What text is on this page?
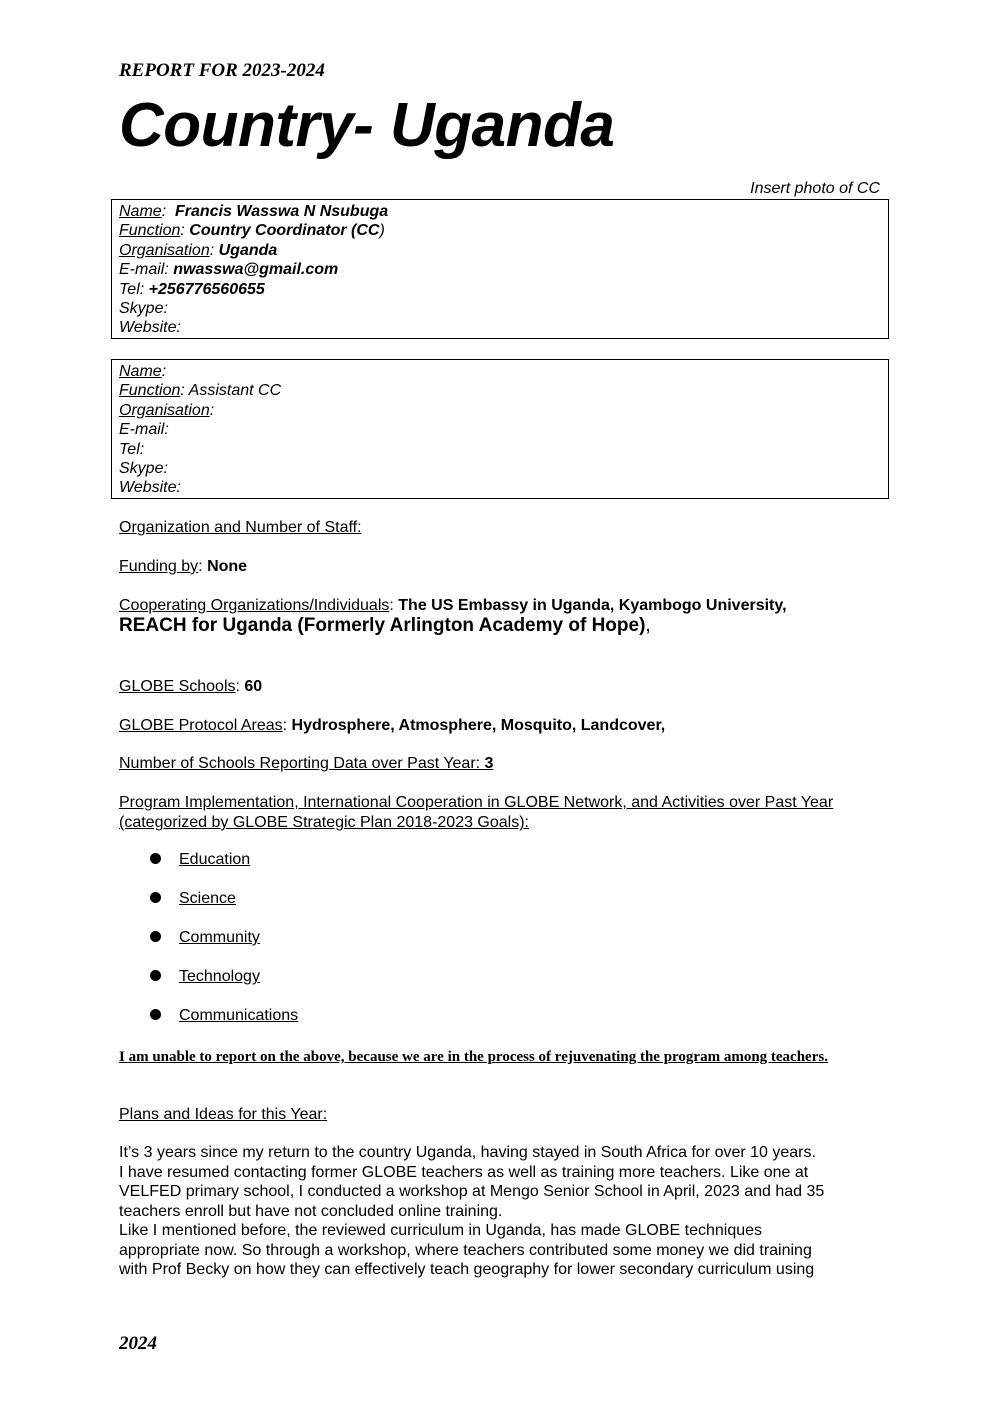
REPORT FOR 2023-2024
Country- Uganda
Insert photo of CC
Name:  Francis Wasswa N Nsubuga
Function: Country Coordinator (CC)
Organisation: Uganda
E-mail: nwasswa@gmail.com
Tel: +256776560655
Skype:
Website:
Name:
Function: Assistant CC
Organisation:
E-mail:
Tel:
Skype:
Website:
Organization and Number of Staff:
Funding by: None
Cooperating Organizations/Individuals: The US Embassy in Uganda, Kyambogo University,
REACH for Uganda (Formerly Arlington Academy of Hope),
GLOBE Schools: 60
GLOBE Protocol Areas: Hydrosphere, Atmosphere, Mosquito, Landcover,
Number of Schools Reporting Data over Past Year: 3
Program Implementation, International Cooperation in GLOBE Network, and Activities over Past Year
(categorized by GLOBE Strategic Plan 2018-2023 Goals):
Education
Science
Community
Technology
Communications
I am unable to report on the above, because we are in the process of rejuvenating the program among teachers.
Plans and Ideas for this Year:
It’s 3 years since my return to the country Uganda, having stayed in South Africa for over 10 years.
I have resumed contacting former GLOBE teachers as well as training more teachers. Like one at
VELFED primary school, I conducted a workshop at Mengo Senior School in April, 2023 and had 35
teachers enroll but have not concluded online training.
Like I mentioned before, the reviewed curriculum in Uganda, has made GLOBE techniques
appropriate now. So through a workshop, where teachers contributed some money we did training
with Prof Becky on how they can effectively teach geography for lower secondary curriculum using
2024
